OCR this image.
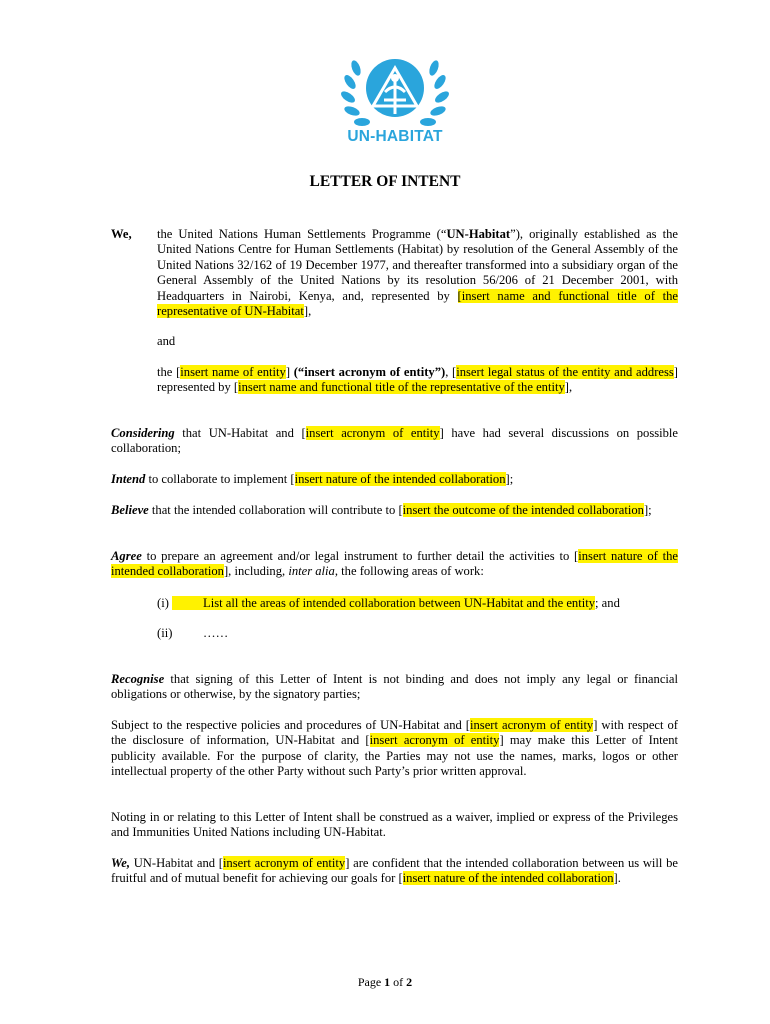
UN-HABITAT
LETTER OF INTENT
We, the United Nations Human Settlements Programme (“UN-Habitat”), originally established as the United Nations Centre for Human Settlements (Habitat) by resolution of the General Assembly of the United Nations 32/162 of 19 December 1977, and thereafter transformed into a subsidiary organ of the General Assembly of the United Nations by its resolution 56/206 of 21 December 2001, with Headquarters in Nairobi, Kenya, and, represented by [insert name and functional title of the representative of UN-Habitat],
and
the [insert name of entity] (“insert acronym of entity”), [insert legal status of the entity and address] represented by [insert name and functional title of the representative of the entity],
Considering that UN-Habitat and [insert acronym of entity] have had several discussions on possible collaboration;
Intend to collaborate to implement [insert nature of the intended collaboration];
Believe that the intended collaboration will contribute to [insert the outcome of the intended collaboration];
Agree to prepare an agreement and/or legal instrument to further detail the activities to [insert nature of the intended collaboration], including, inter alia, the following areas of work:
(i)	List all the areas of intended collaboration between UN-Habitat and the entity; and
(ii) ……
Recognise that signing of this Letter of Intent is not binding and does not imply any legal or financial obligations or otherwise, by the signatory parties;
Subject to the respective policies and procedures of UN-Habitat and [insert acronym of entity] with respect of the disclosure of information, UN-Habitat and [insert acronym of entity] may make this Letter of Intent publicity available. For the purpose of clarity, the Parties may not use the names, marks, logos or other intellectual property of the other Party without such Party’s prior written approval.
Noting in or relating to this Letter of Intent shall be construed as a waiver, implied or express of the Privileges and Immunities United Nations including UN-Habitat.
We, UN-Habitat and [insert acronym of entity] are confident that the intended collaboration between us will be fruitful and of mutual benefit for achieving our goals for [insert nature of the intended collaboration].
Page 1 of 2
